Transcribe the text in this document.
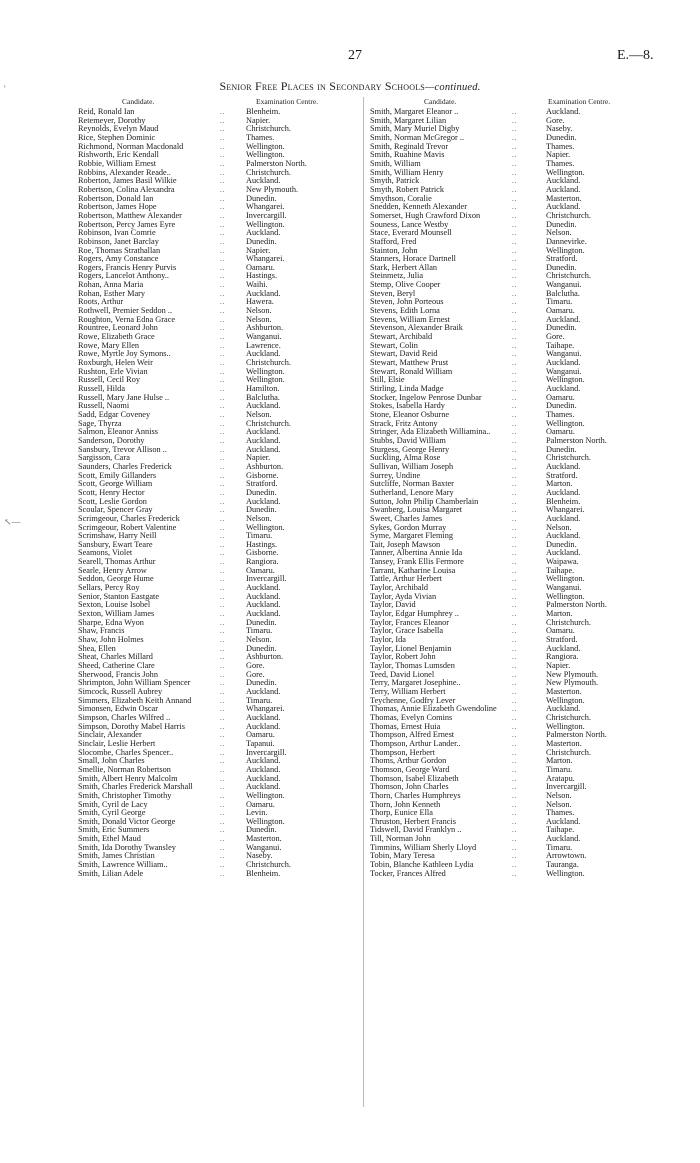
27	E.—8.
Senior Free Places in Secondary Schools—continued.
Candidate.	Examination Centre.
Reid, Ronald Ian	.. Blenheim.
Retemeyer, Dorothy	.. Napier.
Reynolds, Evelyn Maud	.. Christchurch.
Rice, Stephen Dominic	.. Thames.
Richmond, Norman Macdonald	.. Wellington.
Rishworth, Eric Kendall	.. Wellington.
Robbie, William Ernest	.. Palmerston North.
Robbins, Alexander Reade..	.. Christchurch.
Roberton, James Basil Wilkie	.. Auckland.
Robertson, Colina Alexandra	.. New Plymouth.
Robertson, Donald Ian	.. Dunedin.
Robertson, James Hope	.. Whangarei.
Robertson, Matthew Alexander	.. Invercargill.
Robertson, Percy James Eyre	.. Wellington.
Robinson, Ivan Comrie	.. Auckland.
Robinson, Janet Barclay	.. Dunedin.
Roe, Thomas Strathallan	.. Napier.
Rogers, Amy Constance	.. Whangarei.
Rogers, Francis Henry Purvis	.. Oamaru.
Rogers, Lancelot Anthony..	.. Hastings.
Rohan, Anna Maria	.. Waihi.
Rohan, Esther Mary	.. Auckland.
Roots, Arthur	.. Hawera.
Rothwell, Premier Seddon ..	.. Nelson.
Roughton, Verna Edna Grace	.. Nelson.
Rountree, Leonard John	.. Ashburton.
Rowe, Elizabeth Grace	.. Wanganui.
Rowe, Mary Ellen	.. Lawrence.
Rowe, Myrtle Joy Symons..	.. Auckland.
Roxburgh, Helen Weir	.. Christchurch.
Rushton, Erle Vivian	.. Wellington.
Russell, Cecil Roy	.. Wellington.
Russell, Hilda	.. Hamilton.
Russell, Mary Jane Hulse ..	.. Balclutha.
Russell, Naomi	.. Auckland.
Sadd, Edgar Coveney	.. Nelson.
Sage, Thyrza	.. Christchurch.
Salmon, Eleanor Anniss	.. Auckland.
Sanderson, Dorothy	.. Auckland.
Sansbury, Trevor Allison ..	.. Auckland.
Sargisson, Cara	.. Napier.
Saunders, Charles Frederick	.. Ashburton.
Scott, Emily Gillanders	.. Gisborne.
Scott, George William	.. Stratford.
Scott, Henry Hector	.. Dunedin.
Scott, Leslie Gordon	.. Auckland.
Scoular, Spencer Gray	.. Dunedin.
Scrimgeour, Charles Frederick	.. Nelson.
Scrimgeour, Robert Valentine	.. Wellington.
Scrimshaw, Harry Neill	.. Timaru.
Sansbury, Ewart Teare	.. Hastings.
Seamons, Violet	.. Gisborne.
Searell, Thomas Arthur	.. Rangiora.
Searle, Henry Arrow	.. Oamaru.
Seddon, George Hume	.. Invercargill.
Sellars, Percy Roy	.. Auckland.
Senior, Stanton Eastgate	.. Auckland.
Sexton, Louise Isobel	.. Auckland.
Sexton, William James	.. Auckland.
Sharpe, Edna Wyon	.. Dunedin.
Shaw, Francis	.. Timaru.
Shaw, John Holmes	.. Nelson.
Shea, Ellen	.. Dunedin.
Sheat, Charles Millard	.. Ashburton.
Sheed, Catherine Clare	.. Gore.
Sherwood, Francis John	.. Gore.
Shrimpton, John William Spencer	.. Dunedin.
Simcock, Russell Aubrey	.. Auckland.
Simmers, Elizabeth Keith Annand	.. Timaru.
Simonsen, Edwin Oscar	.. Whangarei.
Simpson, Charles Wilfred ..	.. Auckland.
Simpson, Dorothy Mabel Harris	.. Auckland.
Sinclair, Alexander	.. Oamaru.
Sinclair, Leslie Herbert	.. Tapanui.
Slocombe, Charles Spencer..	.. Invercargill.
Small, John Charles	.. Auckland.
Smellie, Norman Robertson	.. Auckland.
Smith, Albert Henry Malcolm	.. Auckland.
Smith, Charles Frederick Marshall	.. Auckland.
Smith, Christopher Timothy	.. Wellington.
Smith, Cyril de Lacy	.. Oamaru.
Smith, Cyril George	.. Levin.
Smith, Donald Victor George	.. Wellington.
Smith, Eric Summers	.. Dunedin.
Smith, Ethel Maud	.. Masterton.
Smith, Ida Dorothy Twansley	.. Wanganui.
Smith, James Christian	.. Naseby.
Smith, Lawrence William..	.. Christchurch.
Smith, Lilian Adele	.. Blenheim.
Candidate.	Examination Centre.
Smith, Margaret Eleanor ..	..	Auckland.
Smith, Margaret Lilian	..	Gore.
Smith, Mary Muriel Digby	..	Naseby.
Smith, Norman McGregor ..	..	Dunedin.
Smith, Reginald Trevor	..	Thames.
Smith, Ruahine Mavis	..	Napier.
Smith, William	..	Thames.
Smith, William Henry	..	Wellington.
Smyth, Patrick	..	Auckland.
Smyth, Robert Patrick	..	Auckland.
Smythson, Coralie	..	Masterton.
Snedden, Kenneth Alexander	..	Auckland.
Somerset, Hugh Crawford Dixon	..	Christchurch.
Souness, Lance Westby	..	Dunedin.
Stace, Everard Mounsell	..	Nelson.
Stafford, Fred	..	Dannevirke.
Stainton, John	..	Wellington.
Stanners, Horace Dartnell	..	Stratford.
Stark, Herbert Allan	..	Dunedin.
Steinmetz, Julia	..	Christchurch.
Stemp, Olive Cooper	..	Wanganui.
Steven, Beryl	..	Balclutha.
Steven, John Porteous	..	Timaru.
Stevens, Edith Lorna	..	Oamaru.
Stevens, William Ernest	..	Auckland.
Stevenson, Alexander Braik	..	Dunedin.
Stewart, Archibald	..	Gore.
Stewart, Colin	..	Taihape.
Stewart, David Reid	..	Wanganui.
Stewart, Matthew Prust	..	Auckland.
Stewart, Ronald William	..	Wanganui.
Still, Elsie	..	Wellington.
Stirling, Linda Madge	..	Auckland.
Stocker, Ingelow Penrose Dunbar	..	Oamaru.
Stokes, Isabella Hardy	..	Dunedin.
Stone, Eleanor Osburne	..	Thames.
Strack, Fritz Antony	..	Wellington.
Stringer, Ada Elizabeth Williamina..	..	Oamaru.
Stubbs, David William	..	Palmerston North.
Sturgess, George Henry	..	Dunedin.
Suckling, Alma Rose	..	Christchurch.
Sullivan, William Joseph	..	Auckland.
Surrey, Undine	..	Stratford.
Sutcliffe, Norman Baxter	..	Marton.
Sutherland, Lenore Mary	..	Auckland.
Sutton, John Philip Chamberlain	..	Blenheim.
Swanberg, Louisa Margaret	..	Whangarei.
Sweet, Charles James	..	Auckland.
Sykes, Gordon Murray	..	Nelson.
Syme, Margaret Fleming	..	Auckland.
Tait, Joseph Mawson	..	Dunedin.
Tanner, Albertina Annie Ida	..	Auckland.
Tansey, Frank Ellis Fermore	..	Waipawa.
Tarrant, Katharine Louisa	..	Taihape.
Tattle, Arthur Herbert	..	Wellington.
Taylor, Archibald	..	Wanganui.
Taylor, Ayda Vivian	..	Wellington.
Taylor, David	..	Palmerston North.
Taylor, Edgar Humphrey ..	..	Marton.
Taylor, Frances Eleanor	..	Christchurch.
Taylor, Grace Isabella	..	Oamaru.
Taylor, Ida	..	Stratford.
Taylor, Lionel Benjamin	..	Auckland.
Taylor, Robert John	..	Rangiora.
Taylor, Thomas Lumsden	..	Napier.
Teed, David Lionel	..	New Plymouth.
Terry, Margaret Josephine..	..	New Plymouth.
Terry, William Herbert	..	Masterton.
Teychenne, Godfry Lever	..	Wellington.
Thomas, Annie Elizabeth Gwendoline ..	Auckland.
Thomas, Evelyn Comins	..	Christchurch.
Thomas, Ernest Huia	..	Wellington.
Thompson, Alfred Ernest	..	Palmerston North.
Thompson, Arthur Lander..	..	Masterton.
Thompson, Herbert	..	Christchurch.
Thoms, Arthur Gordon	..	Marton.
Thomson, George Ward	..	Timaru.
Thomson, Isabel Elizabeth	..	Aratapu.
Thomson, John Charles	..	Invercargill.
Thorn, Charles Humphreys	..	Nelson.
Thorn, John Kenneth	..	Nelson.
Thorp, Eunice Ella	..	Thames.
Thruston, Herbert Francis	..	Auckland.
Tidswell, David Franklyn ..	..	Taihape.
Till, Norman John	..	Auckland.
Timmins, William Sherly Lloyd	..	Timaru.
Tobin, Mary Teresa	..	Arrowtown.
Tobin, Blanche Kathleen Lydia	..	Tauranga.
Tocker, Frances Alfred	..	Wellington.
'
↖—
